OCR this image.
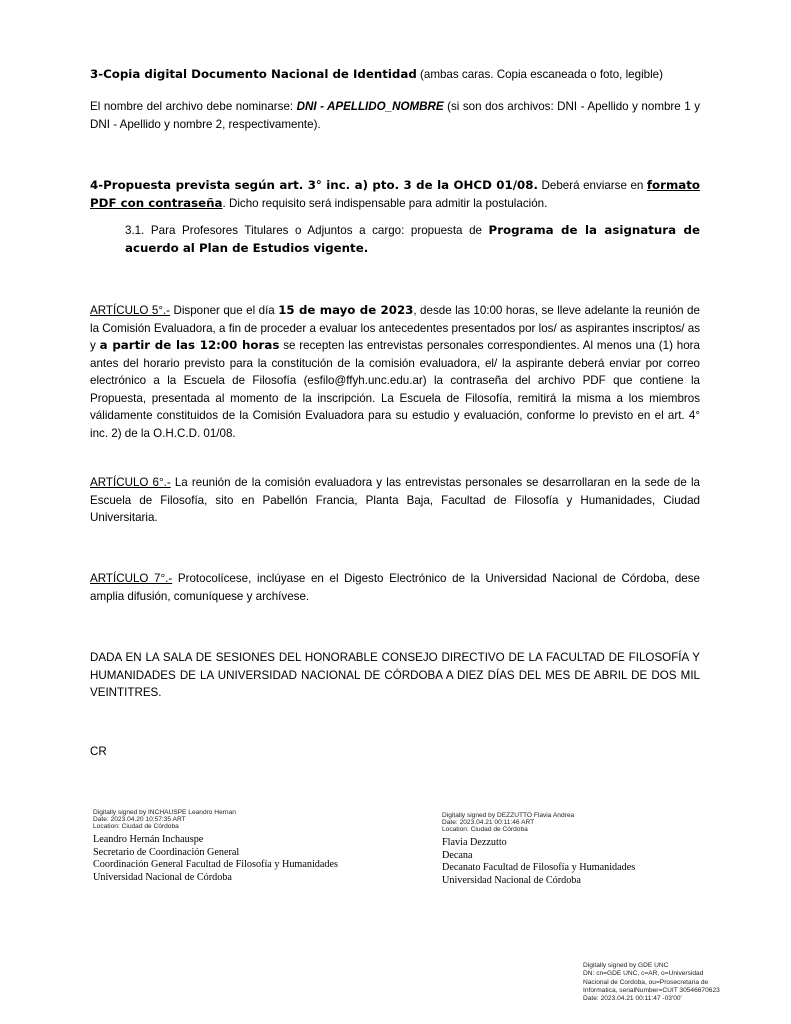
3-Copia digital Documento Nacional de Identidad (ambas caras. Copia escaneada o foto, legible)
El nombre del archivo debe nominarse: DNI - APELLIDO_NOMBRE (si son dos archivos: DNI - Apellido y nombre 1 y DNI - Apellido y nombre 2, respectivamente).
4-Propuesta prevista según art. 3° inc. a) pto. 3 de la OHCD 01/08. Deberá enviarse en formato PDF con contraseña. Dicho requisito será indispensable para admitir la postulación.
3.1. Para Profesores Titulares o Adjuntos a cargo: propuesta de Programa de la asignatura de acuerdo al Plan de Estudios vigente.
ARTÍCULO 5°.- Disponer que el día 15 de mayo de 2023, desde las 10:00 horas, se lleve adelante la reunión de la Comisión Evaluadora, a fin de proceder a evaluar los antecedentes presentados por los/ as aspirantes inscriptos/ as y a partir de las 12:00 horas se recepten las entrevistas personales correspondientes. Al menos una (1) hora antes del horario previsto para la constitución de la comisión evaluadora, el/ la aspirante deberá enviar por correo electrónico a la Escuela de Filosofía (esfilo@ffyh.unc.edu.ar) la contraseña del archivo PDF que contiene la Propuesta, presentada al momento de la inscripción. La Escuela de Filosofía, remitirá la misma a los miembros válidamente constituidos de la Comisión Evaluadora para su estudio y evaluación, conforme lo previsto en el art. 4° inc. 2) de la O.H.C.D. 01/08.
ARTÍCULO 6°.- La reunión de la comisión evaluadora y las entrevistas personales se desarrollaran en la sede de la Escuela de Filosofía, sito en Pabellón Francia, Planta Baja, Facultad de Filosofía y Humanidades, Ciudad Universitaria.
ARTÍCULO 7°.- Protocolícese, inclúyase en el Digesto Electrónico de la Universidad Nacional de Córdoba, dese amplia difusión, comuníquese y archívese.
DADA EN LA SALA DE SESIONES DEL HONORABLE CONSEJO DIRECTIVO DE LA FACULTAD DE FILOSOFÍA Y HUMANIDADES DE LA UNIVERSIDAD NACIONAL DE CÓRDOBA A DIEZ DÍAS DEL MES DE ABRIL DE DOS MIL VEINTITRES.
CR
Digitally signed by INCHAUSPE Leandro Hernan
Date: 2023.04.20 10:57:35 ART
Location: Ciudad de Córdoba
Leandro Hernán Inchauspe
Secretario de Coordinación General
Coordinación General Facultad de Filosofía y Humanidades
Universidad Nacional de Córdoba
Digitally signed by DEZZUTTO Flavia Andrea
Date: 2023.04.21 00:11:46 ART
Location: Ciudad de Córdoba
Flavia Dezzutto
Decana
Decanato Facultad de Filosofía y Humanidades
Universidad Nacional de Córdoba
Digitally signed by GDE UNC
DN: cn=GDE UNC, c=AR, o=Universidad
Nacional de Cordoba, ou=Prosecretaria de
Informatica, serialNumber=CUIT 30546670623
Date: 2023.04.21 00:11:47 -03'00'
